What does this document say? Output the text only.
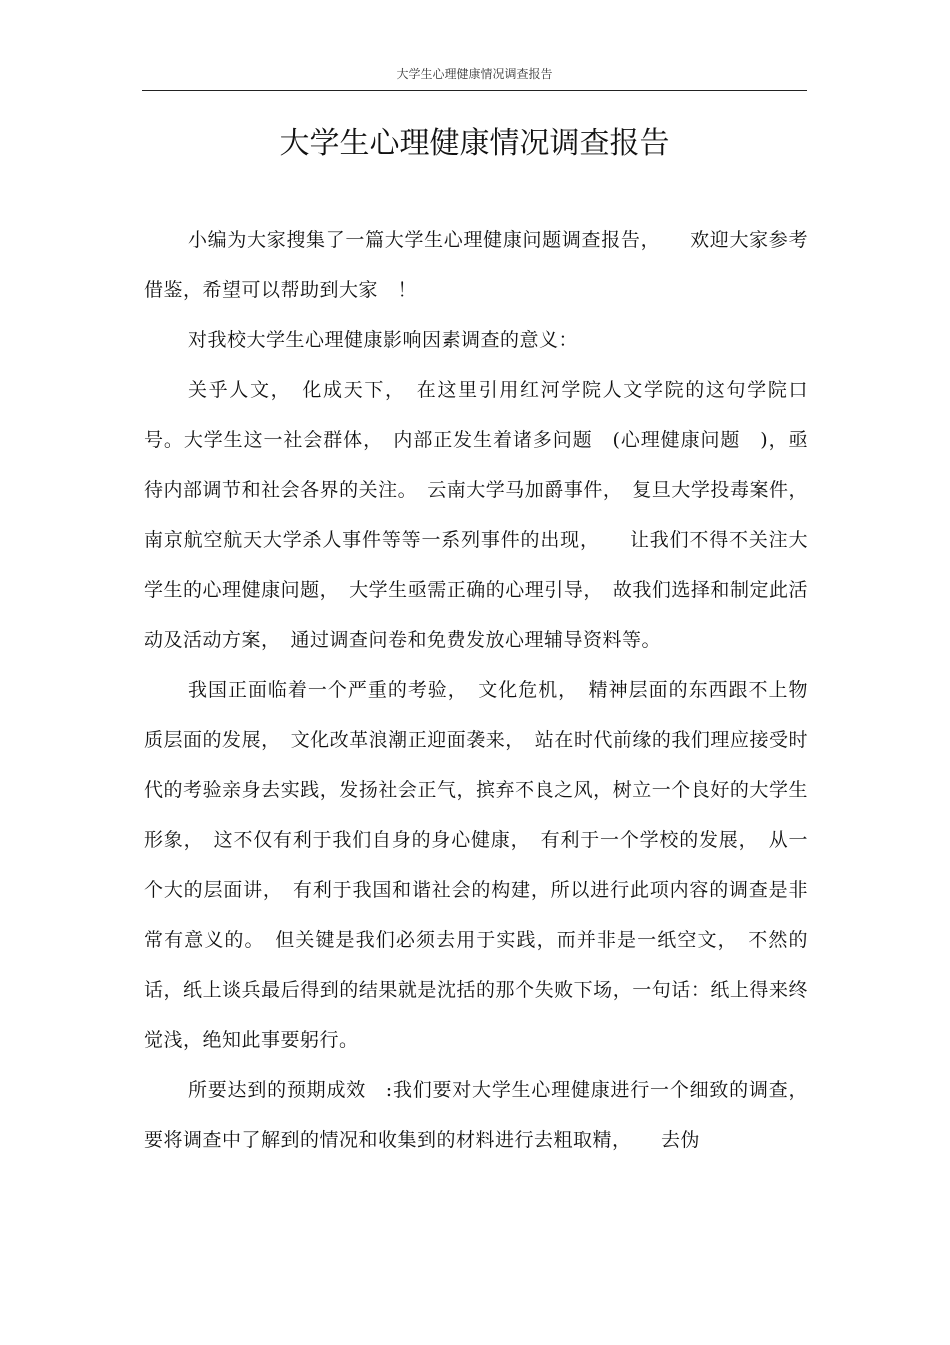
大学生心理健康情况调查报告
大学生心理健康情况调查报告

小编为大家搜集了一篇大学生心理健康问题调查报告，　　欢迎大家参考借鉴，希望可以帮助到大家　！

对我校大学生心理健康影响因素调查的意义：

关乎人文，　化成天下，　在这里引用红河学院人文学院的这句学院口号。大学生这一社会群体，　内部正发生着诸多问题　(心理健康问题　)，亟待内部调节和社会各界的关注。　云南大学马加爵事件，　复旦大学投毒案件，南京航空航天大学杀人事件等等一系列事件的出现，　　让我们不得不关注大学生的心理健康问题，　大学生亟需正确的心理引导，　故我们选择和制定此活动及活动方案，　通过调查问卷和免费发放心理辅导资料等。

我国正面临着一个严重的考验，　文化危机，　精神层面的东西跟不上物质层面的发展，　文化改革浪潮正迎面袭来，　站在时代前缘的我们理应接受时代的考验亲身去实践，发扬社会正气，摈弃不良之风，树立一个良好的大学生形象，　这不仅有利于我们自身的身心健康，　有利于一个学校的发展，　从一个大的层面讲，　有利于我国和谐社会的构建，所以进行此项内容的调查是非常有意义的。　但关键是我们必须去用于实践，而并非是一纸空文，　不然的话，纸上谈兵最后得到的结果就是沈括的那个失败下场，一句话：纸上得来终觉浅，绝知此事要躬行。

所要达到的预期成效　:我们要对大学生心理健康进行一个细致的调查，要将调查中了解到的情况和收集到的材料进行去粗取精，　　去伪
